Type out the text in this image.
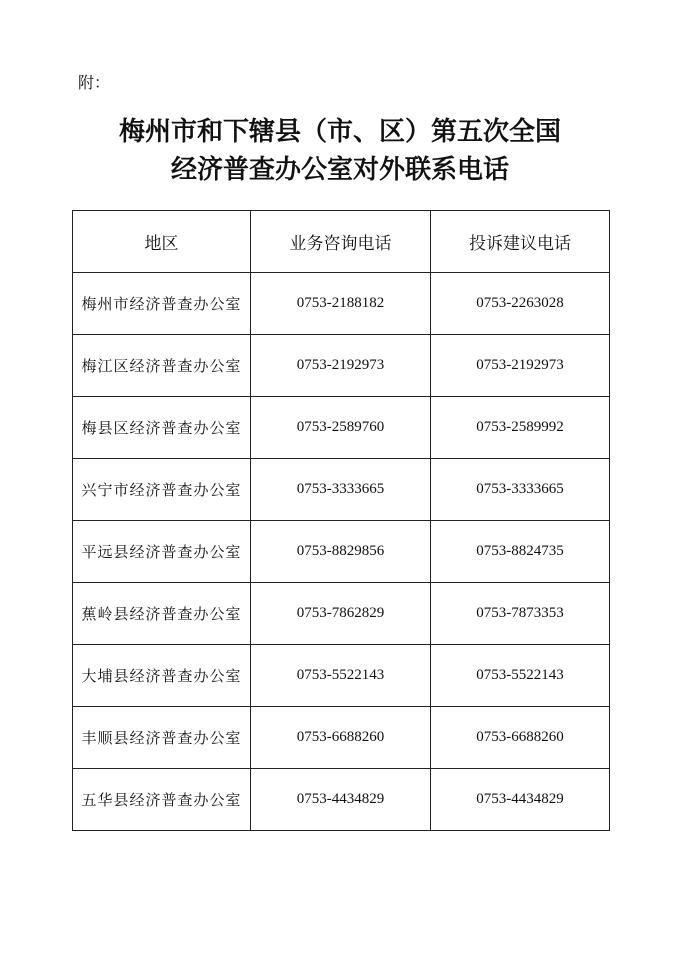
附：
梅州市和下辖县（市、区）第五次全国
经济普查办公室对外联系电话
地区	业务咨询电话	投诉建议电话
梅州市经济普查办公室	0753-2188182	0753-2263028
梅江区经济普查办公室	0753-2192973	0753-2192973
梅县区经济普查办公室	0753-2589760	0753-2589992
兴宁市经济普查办公室	0753-3333665	0753-3333665
平远县经济普查办公室	0753-8829856	0753-8824735
蕉岭县经济普查办公室	0753-7862829	0753-7873353
大埔县经济普查办公室	0753-5522143	0753-5522143
丰顺县经济普查办公室	0753-6688260	0753-6688260
五华县经济普查办公室	0753-4434829	0753-4434829
